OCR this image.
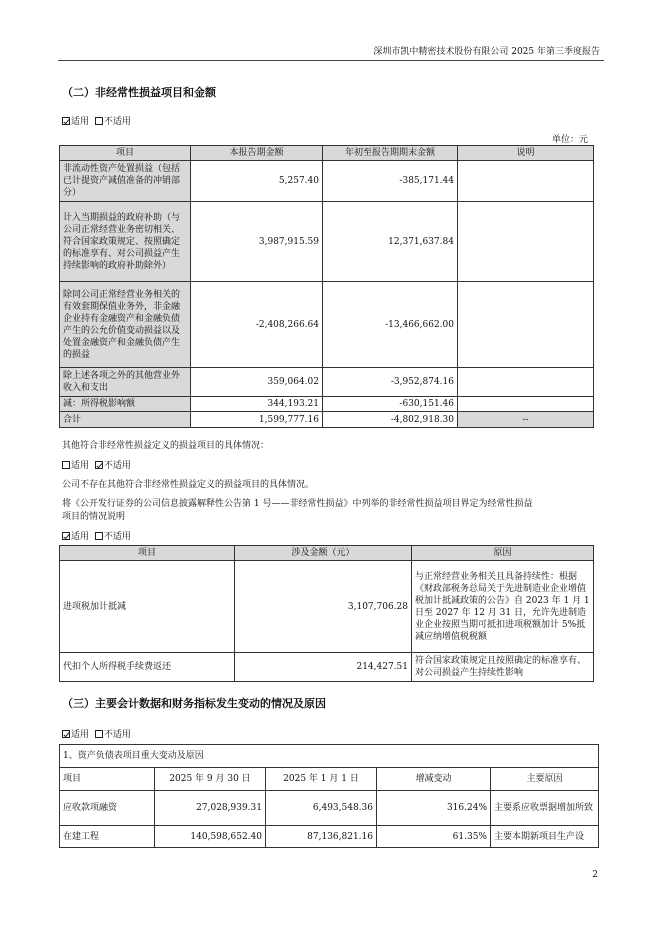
深圳市凯中精密技术股份有限公司 2025 年第三季度报告
（二）非经常性损益项目和金额
适用 不适用
单位：元
项目	本报告期金额	年初至报告期期末金额	说明
非流动性资产处置损益（包括已计提资产减值准备的冲销部分）	5,257.40	-385,171.44	
计入当期损益的政府补助（与公司正常经营业务密切相关、符合国家政策规定、按照确定的标准享有、对公司损益产生持续影响的政府补助除外）	3,987,915.59	12,371,637.84	
除同公司正常经营业务相关的有效套期保值业务外，非金融企业持有金融资产和金融负债产生的公允价值变动损益以及处置金融资产和金融负债产生的损益	-2,408,266.64	-13,466,662.00	
除上述各项之外的其他营业外收入和支出	359,064.02	-3,952,874.16	
减：所得税影响额	344,193.21	-630,151.46	
合计	1,599,777.16	-4,802,918.30	--
其他符合非经常性损益定义的损益项目的具体情况：
适用 不适用
公司不存在其他符合非经常性损益定义的损益项目的具体情况。
将《公开发行证券的公司信息披露解释性公告第 1 号——非经常性损益》中列举的非经常性损益项目界定为经常性损益
项目的情况说明
适用 不适用
项目	涉及金额（元）	原因
进项税加计抵减	3,107,706.28	与正常经营业务相关且具备持续性：根据《财政部税务总局关于先进制造业企业增值税加计抵减政策的公告》自 2023 年 1 月 1 日至 2027 年 12 月 31 日，允许先进制造业企业按照当期可抵扣进项税额加计 5%抵减应纳增值税税额
代扣个人所得税手续费返还	214,427.51	符合国家政策规定且按照确定的标准享有、对公司损益产生持续性影响
（三）主要会计数据和财务指标发生变动的情况及原因
适用 不适用
1、资产负债表项目重大变动及原因				
项目	2025 年 9 月 30 日	2025 年 1 月 1 日	增减变动	主要原因
应收款项融资	27,028,939.31	6,493,548.36	316.24%	主要系应收票据增加所致
在建工程	140,598,652.40	87,136,821.16	61.35%	主要本期新项目生产设
2
